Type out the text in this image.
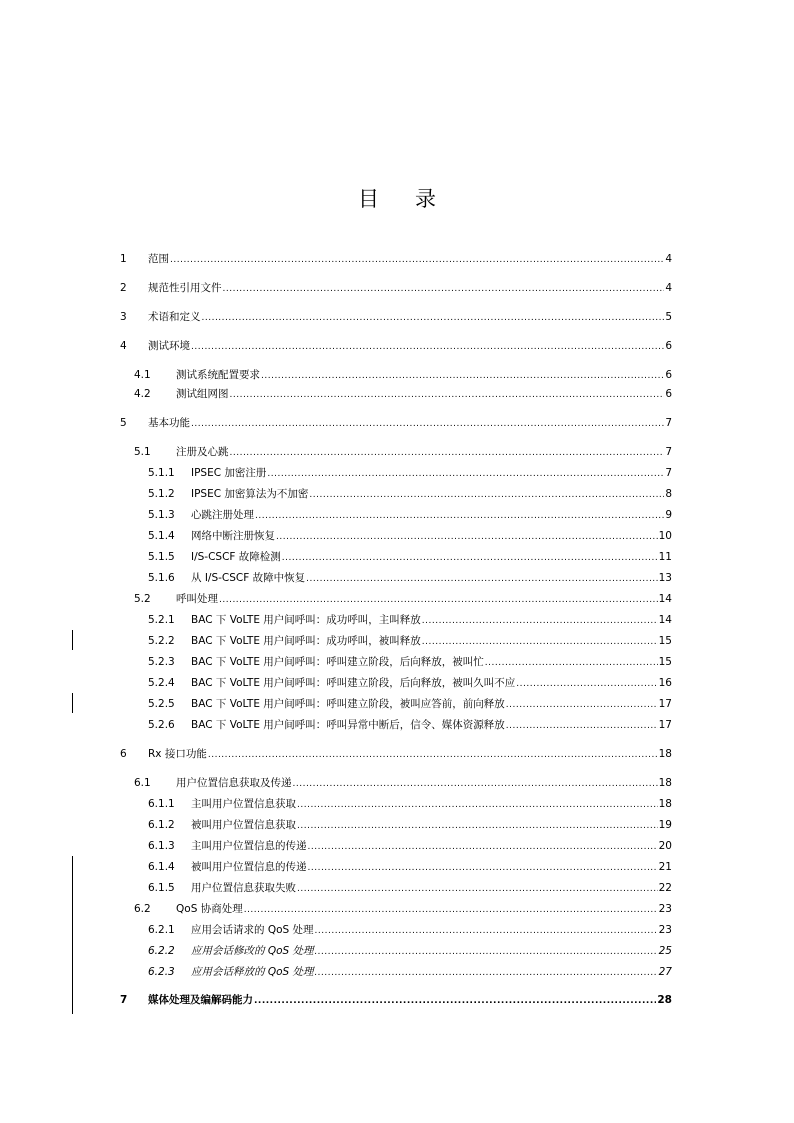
目录
1 范围 .....	4
2 规范性引用文件 .....	4
3 术语和定义 .....	5
4 测试环境 .....	6
4.1 测试系统配置要求 .....	6
4.2 测试组网图 .....	6
5 基本功能 .....	7
5.1 注册及心跳 .....	7
5.1.1 IPSEC 加密注册 .....	7
5.1.2 IPSEC 加密算法为不加密 .....	8
5.1.3 心跳注册处理 .....	9
5.1.4 网络中断注册恢复 .....	10
5.1.5 I/S-CSCF 故障检测 .....	11
5.1.6 从 I/S-CSCF 故障中恢复 .....	13
5.2 呼叫处理 .....	14
5.2.1 BAC 下 VoLTE 用户间呼叫：成功呼叫，主叫释放 .....	14
5.2.2 BAC 下 VoLTE 用户间呼叫：成功呼叫，被叫释放 .....	15
5.2.3 BAC 下 VoLTE 用户间呼叫：呼叫建立阶段，后向释放，被叫忙 .....	15
5.2.4 BAC 下 VoLTE 用户间呼叫：呼叫建立阶段，后向释放，被叫久叫不应 .....	16
5.2.5 BAC 下 VoLTE 用户间呼叫：呼叫建立阶段，被叫应答前，前向释放 .....	17
5.2.6 BAC 下 VoLTE 用户间呼叫：呼叫异常中断后，信令、媒体资源释放 .....	17
6 Rx 接口功能 .....	18
6.1 用户位置信息获取及传递 .....	18
6.1.1 主叫用户位置信息获取 .....	18
6.1.2 被叫用户位置信息获取 .....	19
6.1.3 主叫用户位置信息的传递 .....	20
6.1.4 被叫用户位置信息的传递 .....	21
6.1.5 用户位置信息获取失败 .....	22
6.2 QoS 协商处理 .....	23
6.2.1 应用会话请求的 QoS 处理 .....	23
6.2.2 应用会话修改的 QoS 处理 .....	25
6.2.3 应用会话释放的 QoS 处理 .....	27
7 媒体处理及编解码能力 .....	28
